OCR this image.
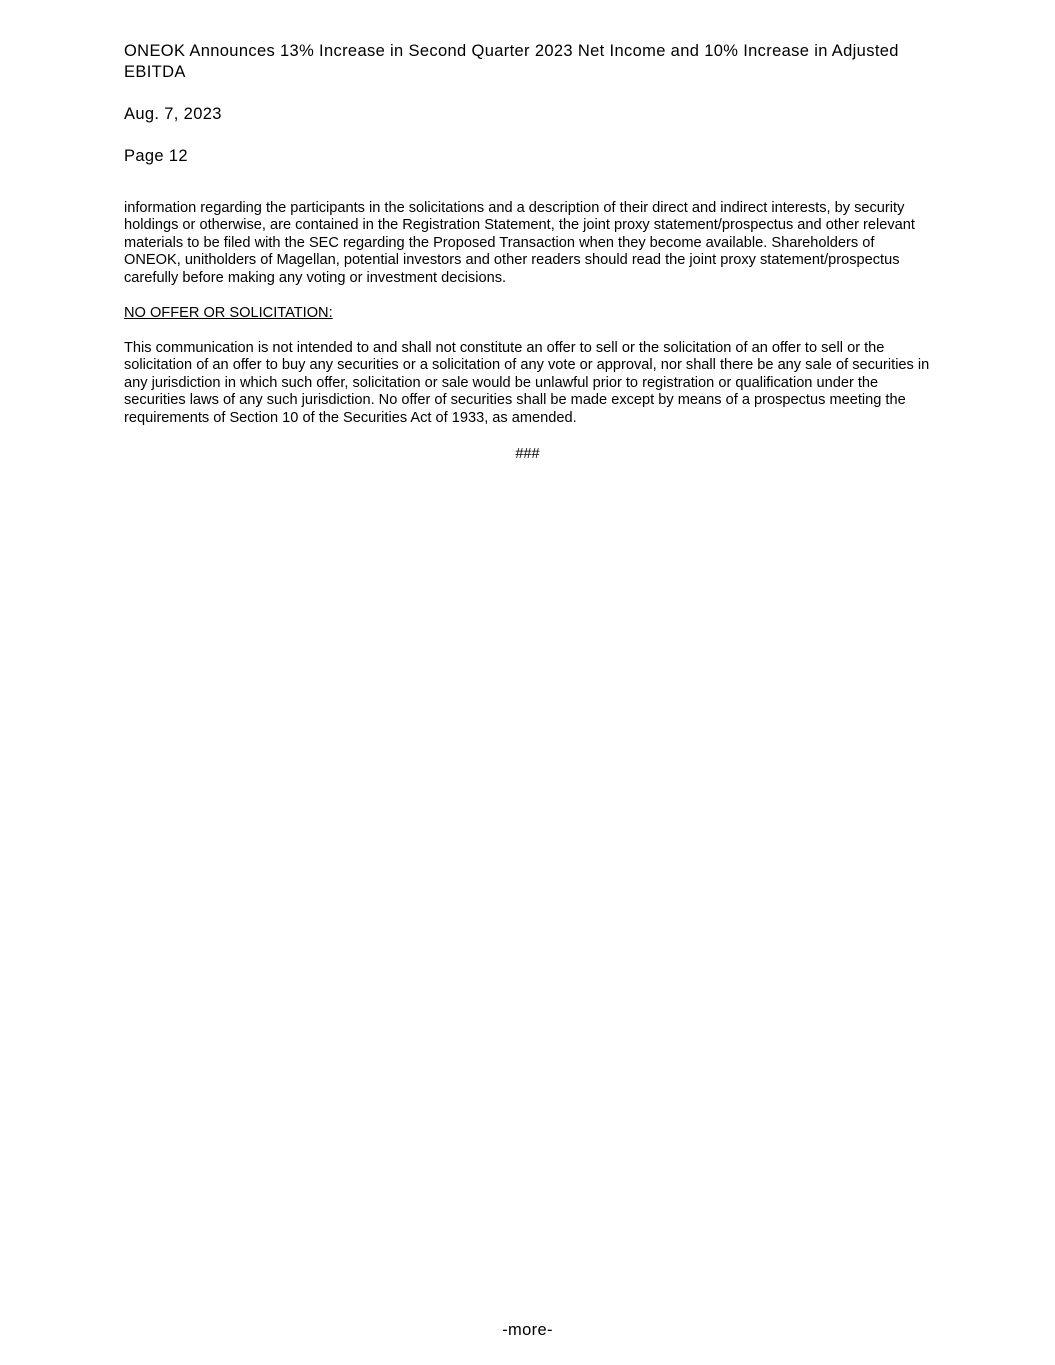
ONEOK Announces 13% Increase in Second Quarter 2023 Net Income and 10% Increase in Adjusted EBITDA
Aug. 7, 2023
Page 12

information regarding the participants in the solicitations and a description of their direct and indirect interests, by security holdings or otherwise, are contained in the Registration Statement, the joint proxy statement/prospectus and other relevant materials to be filed with the SEC regarding the Proposed Transaction when they become available. Shareholders of ONEOK, unitholders of Magellan, potential investors and other readers should read the joint proxy statement/prospectus carefully before making any voting or investment decisions.

NO OFFER OR SOLICITATION:

This communication is not intended to and shall not constitute an offer to sell or the solicitation of an offer to sell or the solicitation of an offer to buy any securities or a solicitation of any vote or approval, nor shall there be any sale of securities in any jurisdiction in which such offer, solicitation or sale would be unlawful prior to registration or qualification under the securities laws of any such jurisdiction. No offer of securities shall be made except by means of a prospectus meeting the requirements of Section 10 of the Securities Act of 1933, as amended.

###
-more-
